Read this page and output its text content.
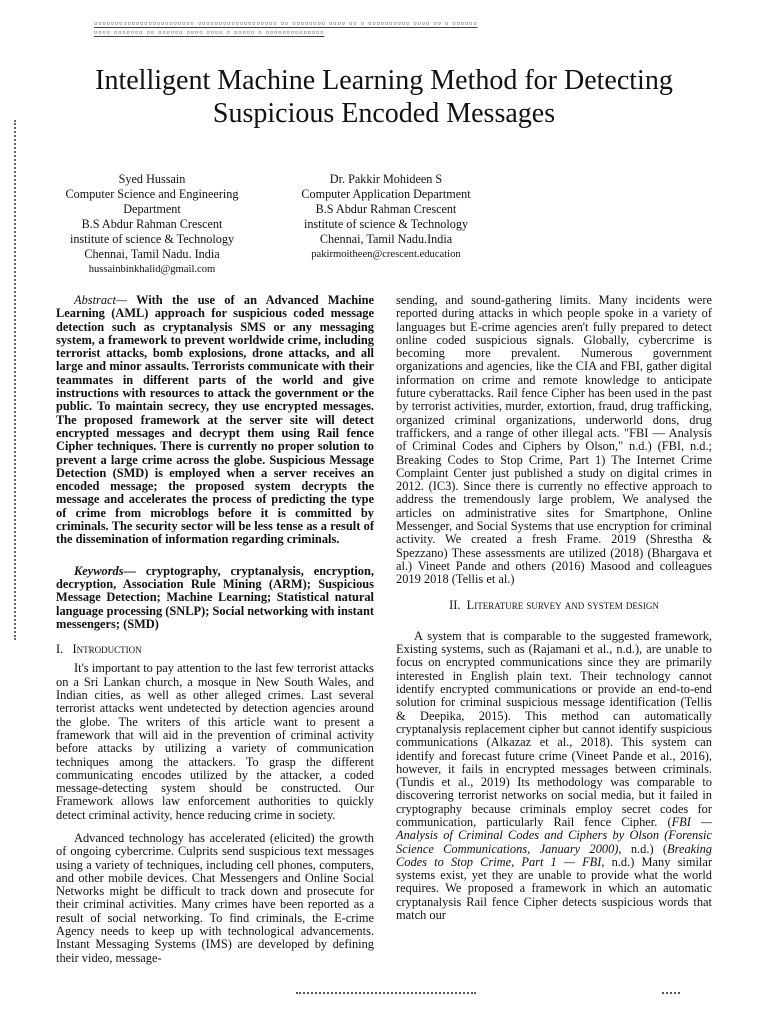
▫▫▫▫▫▫▫▫▫▫▫▫▫▫▫▫▫▫▫▫▫▫▫▫ ▫▫▫▫▫▫▫▫▫▫▫▫▫▫▫▫▫▫▫ ▫▫ ▫▫▫▫▫▫▫▫ ▫▫▫▫ ▫▫ ▫ ▫▫▫▫▫▫▫▫▫▫ ▫▫▫▫ ▫▫ ▫ ▫▫▫▫▫▫
▫▫▫▫ ▫▫▫▫▫▫▫ ▫▫ ▫▫▫▫▫▫ ▫▫▫▫ ▫▫▫▫ ▫ ▫▫▫▫▫ ▫ ▫▫▫▫▫▫▫▫▫▫▫▫▫▫
Intelligent Machine Learning Method for Detecting
Suspicious Encoded Messages
Syed Hussain
Computer Science and Engineering
Department
B.S Abdur Rahman Crescent
institute of science & Technology
Chennai, Tamil Nadu. India
hussainbinkhalid@gmail.com
Dr. Pakkir Mohideen S
Computer Application Department
B.S Abdur Rahman Crescent
institute of science & Technology
Chennai, Tamil Nadu.India
pakirmoitheen@crescent.education

Abstract— With the use of an Advanced Machine Learning (AML) approach for suspicious coded message detection such as cryptanalysis SMS or any messaging system, a framework to prevent worldwide crime, including terrorist attacks, bomb explosions, drone attacks, and all large and minor assaults. Terrorists communicate with their teammates in different parts of the world and give instructions with resources to attack the government or the public. To maintain secrecy, they use encrypted messages. The proposed framework at the server site will detect encrypted messages and decrypt them using Rail fence Cipher techniques. There is currently no proper solution to prevent a large crime across the globe. Suspicious Message Detection (SMD) is employed when a server receives an encoded message; the proposed system decrypts the message and accelerates the process of predicting the type of crime from microblogs before it is committed by criminals. The security sector will be less tense as a result of the dissemination of information regarding criminals.

Keywords— cryptography, cryptanalysis, encryption, decryption, Association Rule Mining (ARM); Suspicious Message Detection; Machine Learning; Statistical natural language processing (SNLP); Social networking with instant messengers; (SMD)

I. Introduction

It's important to pay attention to the last few terrorist attacks on a Sri Lankan church, a mosque in New South Wales, and Indian cities, as well as other alleged crimes. Last several terrorist attacks went undetected by detection agencies around the globe. The writers of this article want to present a framework that will aid in the prevention of criminal activity before attacks by utilizing a variety of communication techniques among the attackers. To grasp the different communicating encodes utilized by the attacker, a coded message-detecting system should be constructed. Our Framework allows law enforcement authorities to quickly detect criminal activity, hence reducing crime in society.

Advanced technology has accelerated (elicited) the growth of ongoing cybercrime. Culprits send suspicious text messages using a variety of techniques, including cell phones, computers, and other mobile devices. Chat Messengers and Online Social Networks might be difficult to track down and prosecute for their criminal activities. Many crimes have been reported as a result of social networking. To find criminals, the E-crime Agency needs to keep up with technological advancements. Instant Messaging Systems (IMS) are developed by defining their video, message-

sending, and sound-gathering limits. Many incidents were reported during attacks in which people spoke in a variety of languages but E-crime agencies aren't fully prepared to detect online coded suspicious signals. Globally, cybercrime is becoming more prevalent. Numerous government organizations and agencies, like the CIA and FBI, gather digital information on crime and remote knowledge to anticipate future cyberattacks. Rail fence Cipher has been used in the past by terrorist activities, murder, extortion, fraud, drug trafficking, organized criminal organizations, underworld dons, drug traffickers, and a range of other illegal acts. "FBI — Analysis of Criminal Codes and Ciphers by Olson," n.d.) (FBI, n.d.; Breaking Codes to Stop Crime, Part 1) The Internet Crime Complaint Center just published a study on digital crimes in 2012. (IC3). Since there is currently no effective approach to address the tremendously large problem, We analysed the articles on administrative sites for Smartphone, Online Messenger, and Social Systems that use encryption for criminal activity. We created a fresh Frame. 2019 (Shrestha & Spezzano) These assessments are utilized (2018) (Bhargava et al.) Vineet Pande and others (2016) Masood and colleagues 2019 2018 (Tellis et al.)

II. Literature survey and system design

A system that is comparable to the suggested framework, Existing systems, such as (Rajamani et al., n.d.), are unable to focus on encrypted communications since they are primarily interested in English plain text. Their technology cannot identify encrypted communications or provide an end-to-end solution for criminal suspicious message identification (Tellis & Deepika, 2015). This method can automatically cryptanalysis replacement cipher but cannot identify suspicious communications (Alkazaz et al., 2018). This system can identify and forecast future crime (Vineet Pande et al., 2016), however, it fails in encrypted messages between criminals. (Tundis et al., 2019) Its methodology was comparable to discovering terrorist networks on social media, but it failed in cryptography because criminals employ secret codes for communication, particularly Rail fence Cipher. (FBI — Analysis of Criminal Codes and Ciphers by Olson (Forensic Science Communications, January 2000), n.d.) (Breaking Codes to Stop Crime, Part 1 — FBI, n.d.) Many similar systems exist, yet they are unable to provide what the world requires. We proposed a framework in which an automatic cryptanalysis Rail fence Cipher detects suspicious words that match our
